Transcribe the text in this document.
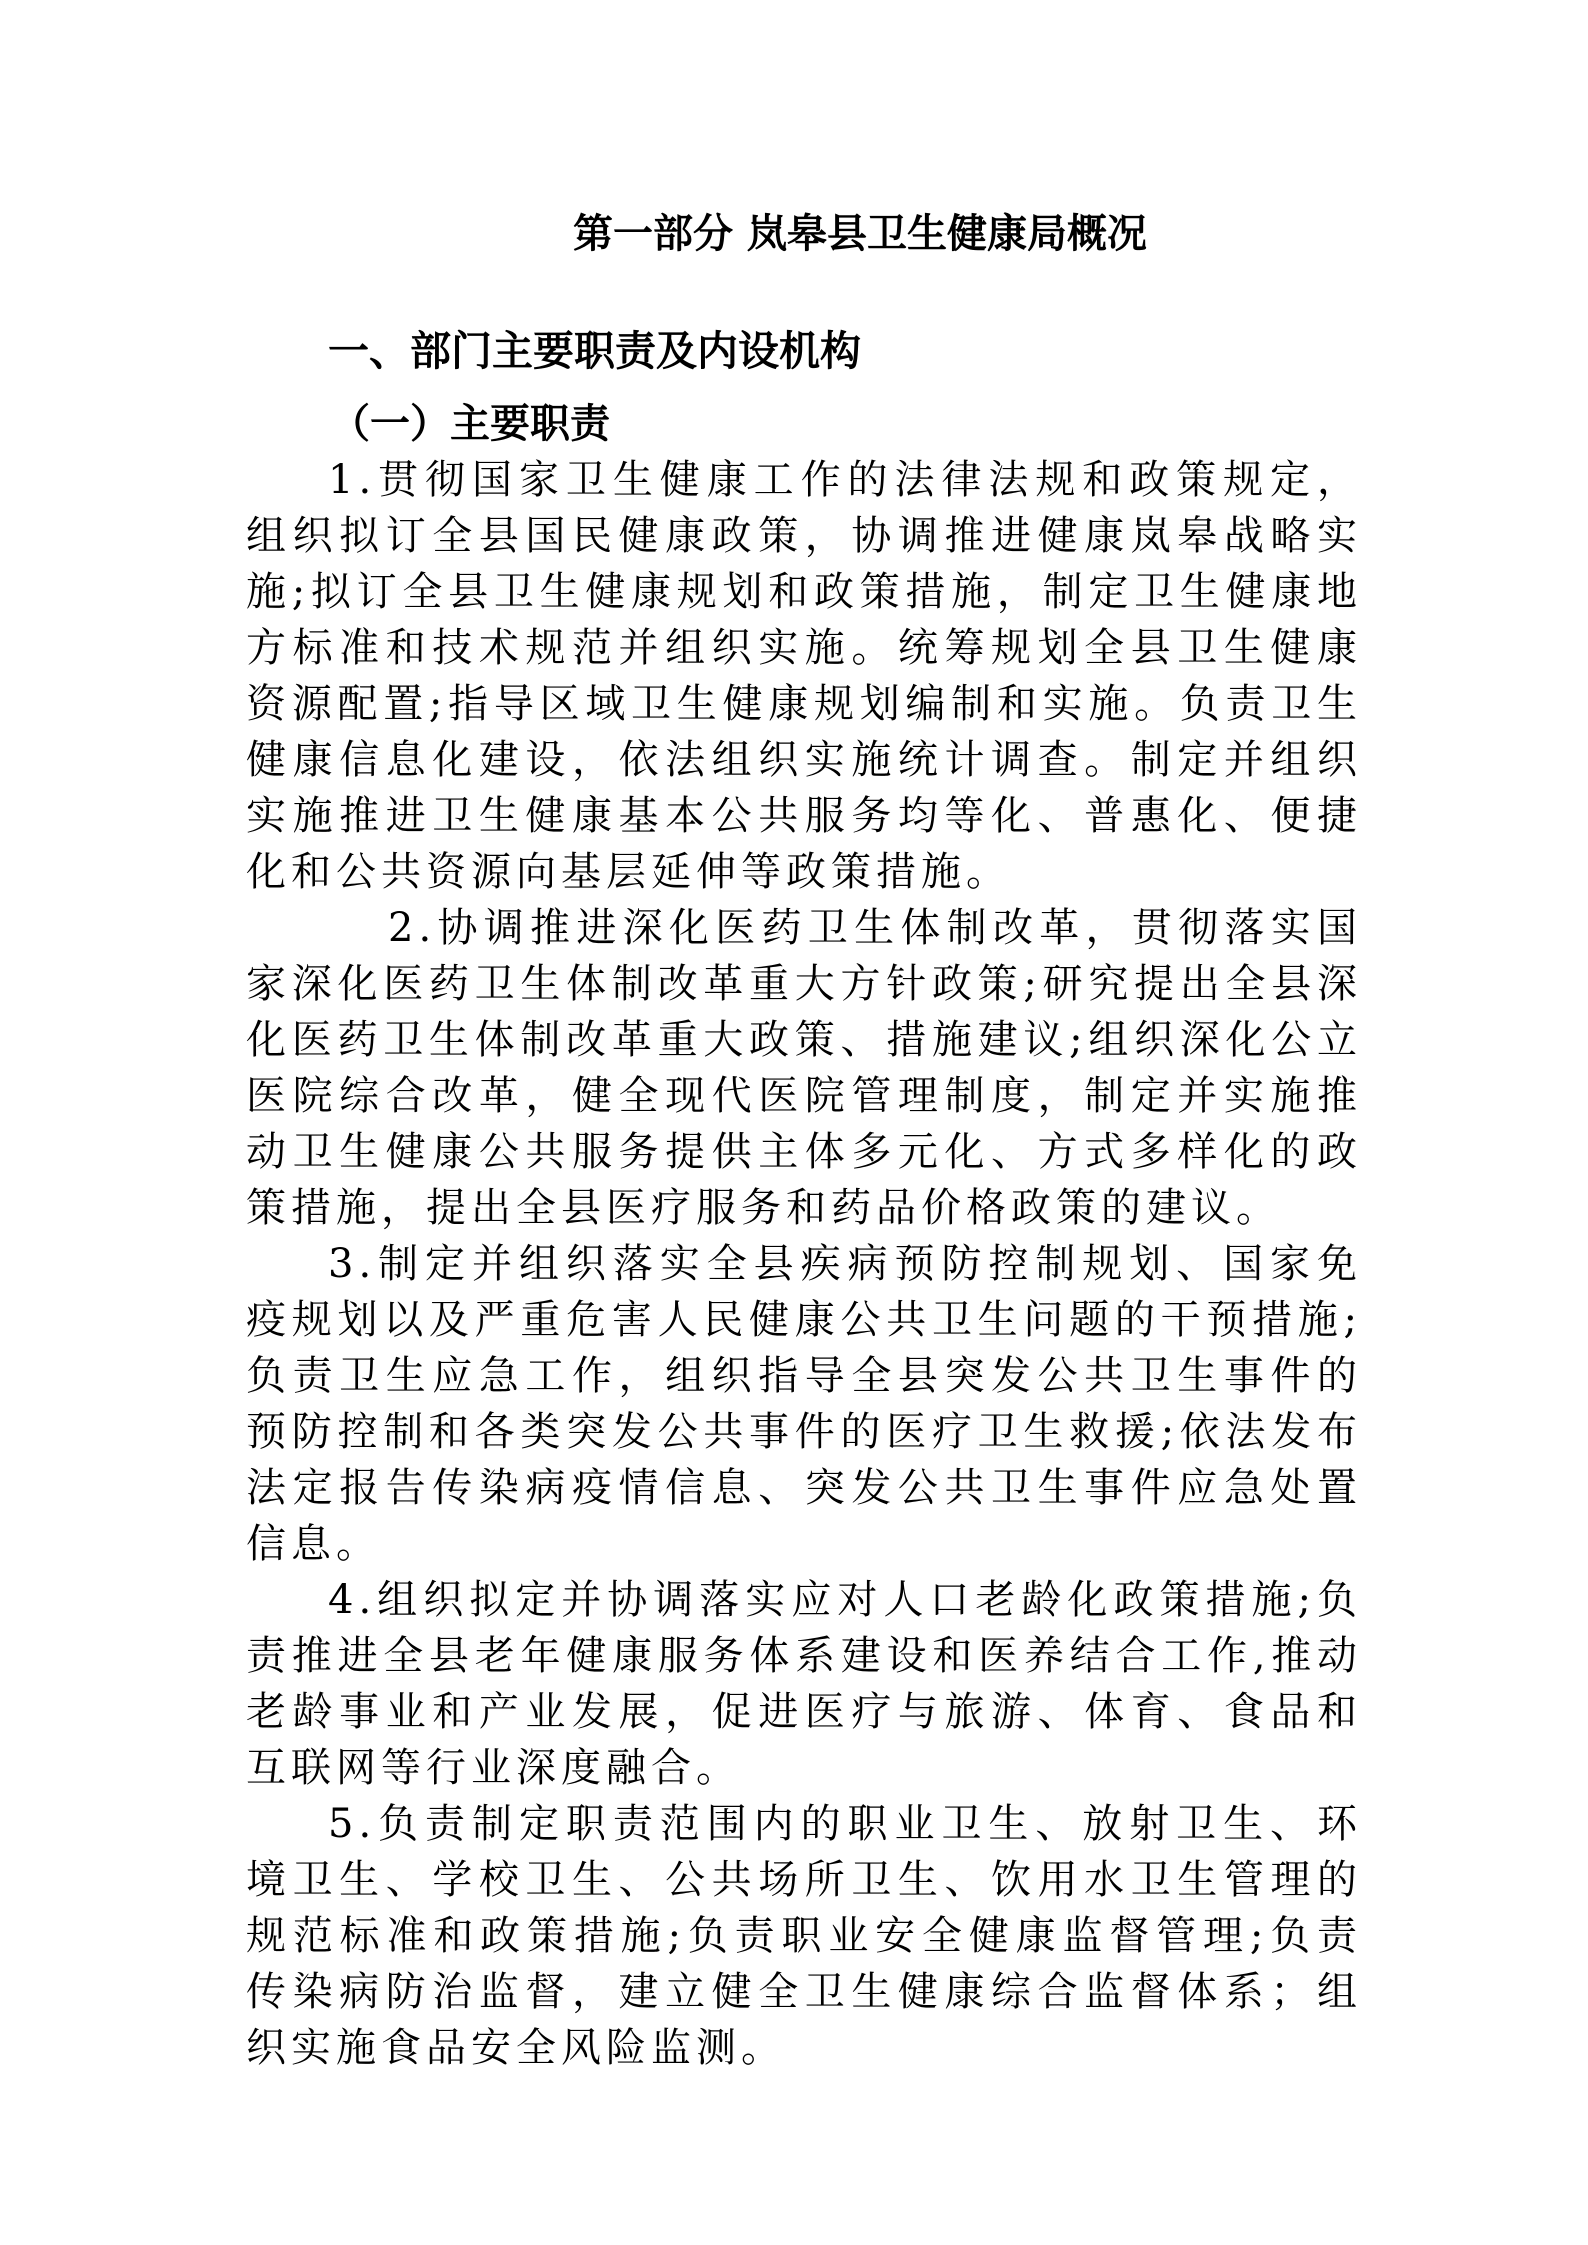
第一部分 岚皋县卫生健康局概况
一、部门主要职责及内设机构
（一）主要职责

1.贯彻国家卫生健康工作的法律法规和政策规定，组织拟订全县国民健康政策，协调推进健康岚皋战略实施;拟订全县卫生健康规划和政策措施，制定卫生健康地方标准和技术规范并组织实施。统筹规划全县卫生健康资源配置;指导区域卫生健康规划编制和实施。负责卫生健康信息化建设，依法组织实施统计调查。制定并组织实施推进卫生健康基本公共服务均等化、普惠化、便捷化和公共资源向基层延伸等政策措施。

2.协调推进深化医药卫生体制改革，贯彻落实国家深化医药卫生体制改革重大方针政策;研究提出全县深化医药卫生体制改革重大政策、措施建议;组织深化公立医院综合改革，健全现代医院管理制度，制定并实施推动卫生健康公共服务提供主体多元化、方式多样化的政策措施，提出全县医疗服务和药品价格政策的建议。

3.制定并组织落实全县疾病预防控制规划、国家免疫规划以及严重危害人民健康公共卫生问题的干预措施;负责卫生应急工作，组织指导全县突发公共卫生事件的预防控制和各类突发公共事件的医疗卫生救援;依法发布法定报告传染病疫情信息、突发公共卫生事件应急处置信息。

4.组织拟定并协调落实应对人口老龄化政策措施;负责推进全县老年健康服务体系建设和医养结合工作,推动老龄事业和产业发展，促进医疗与旅游、体育、食品和互联网等行业深度融合。

5.负责制定职责范围内的职业卫生、放射卫生、环境卫生、学校卫生、公共场所卫生、饮用水卫生管理的规范标准和政策措施;负责职业安全健康监督管理;负责传染病防治监督，建立健全卫生健康综合监督体系；组织实施食品安全风险监测。
